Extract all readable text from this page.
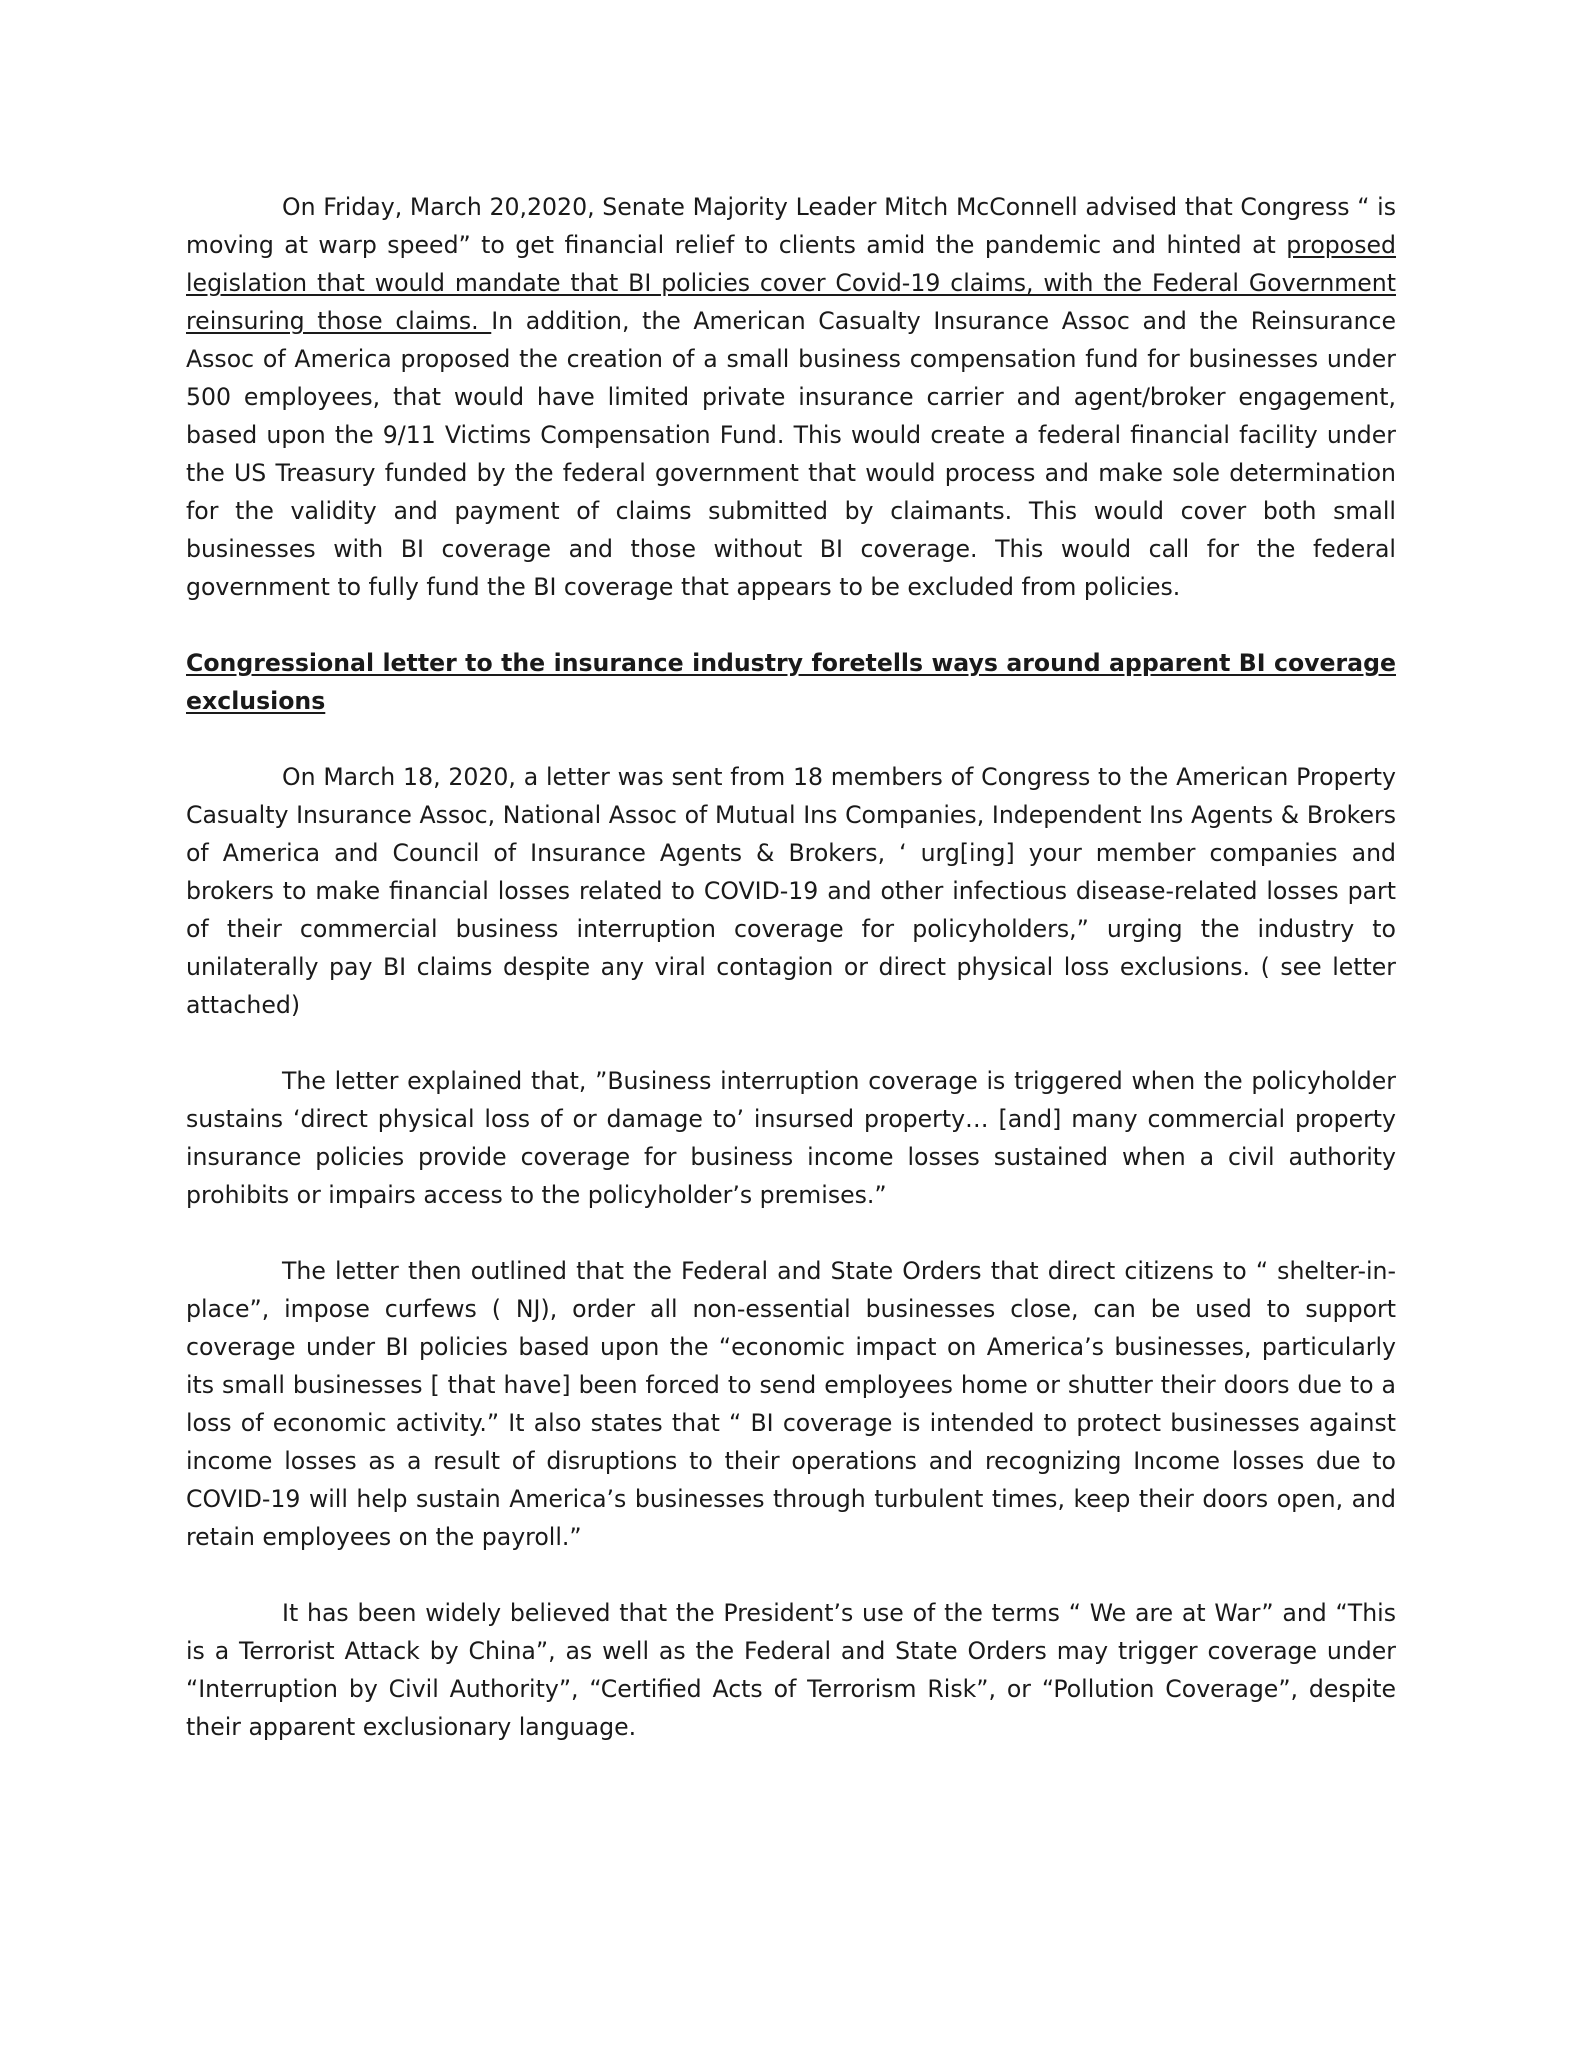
On Friday, March 20,2020, Senate Majority Leader Mitch McConnell advised that Congress “ is moving at warp speed” to get financial relief to clients amid the pandemic and hinted at proposed legislation that would mandate that BI policies cover Covid-19 claims, with the Federal Government reinsuring those claims. In addition, the American Casualty Insurance Assoc and the Reinsurance Assoc of America proposed the creation of a small business compensation fund for businesses under 500 employees, that would have limited private insurance carrier and agent/broker engagement, based upon the 9/11 Victims Compensation Fund. This would create a federal financial facility under the US Treasury funded by the federal government that would process and make sole determination for the validity and payment of claims submitted by claimants. This would cover both small businesses with BI coverage and those without BI coverage. This would call for the federal government to fully fund the BI coverage that appears to be excluded from policies.

Congressional letter to the insurance industry foretells ways around apparent BI coverage exclusions

On March 18, 2020, a letter was sent from 18 members of Congress to the American Property Casualty Insurance Assoc, National Assoc of Mutual Ins Companies, Independent Ins Agents & Brokers of America and Council of Insurance Agents & Brokers, ‘ urg[ing] your member companies and brokers to make financial losses related to COVID-19 and other infectious disease-related losses part of their commercial business interruption coverage for policyholders,” urging the industry to unilaterally pay BI claims despite any viral contagion or direct physical loss exclusions. ( see letter attached)

The letter explained that, ”Business interruption coverage is triggered when the policyholder sustains ‘direct physical loss of or damage to’ insursed property… [and] many commercial property insurance policies provide coverage for business income losses sustained when a civil authority prohibits or impairs access to the policyholder’s premises.”

The letter then outlined that the Federal and State Orders that direct citizens to “ shelter-in-place”, impose curfews ( NJ), order all non-essential businesses close, can be used to support coverage under BI policies based upon the “economic impact on America’s businesses, particularly its small businesses [ that have] been forced to send employees home or shutter their doors due to a loss of economic activity.” It also states that “ BI coverage is intended to protect businesses against income losses as a result of disruptions to their operations and recognizing Income losses due to COVID-19 will help sustain America’s businesses through turbulent times, keep their doors open, and retain employees on the payroll.”

It has been widely believed that the President’s use of the terms “ We are at War” and “This is a Terrorist Attack by China”, as well as the Federal and State Orders may trigger coverage under “Interruption by Civil Authority”, “Certified Acts of Terrorism Risk”, or “Pollution Coverage”, despite their apparent exclusionary language.
